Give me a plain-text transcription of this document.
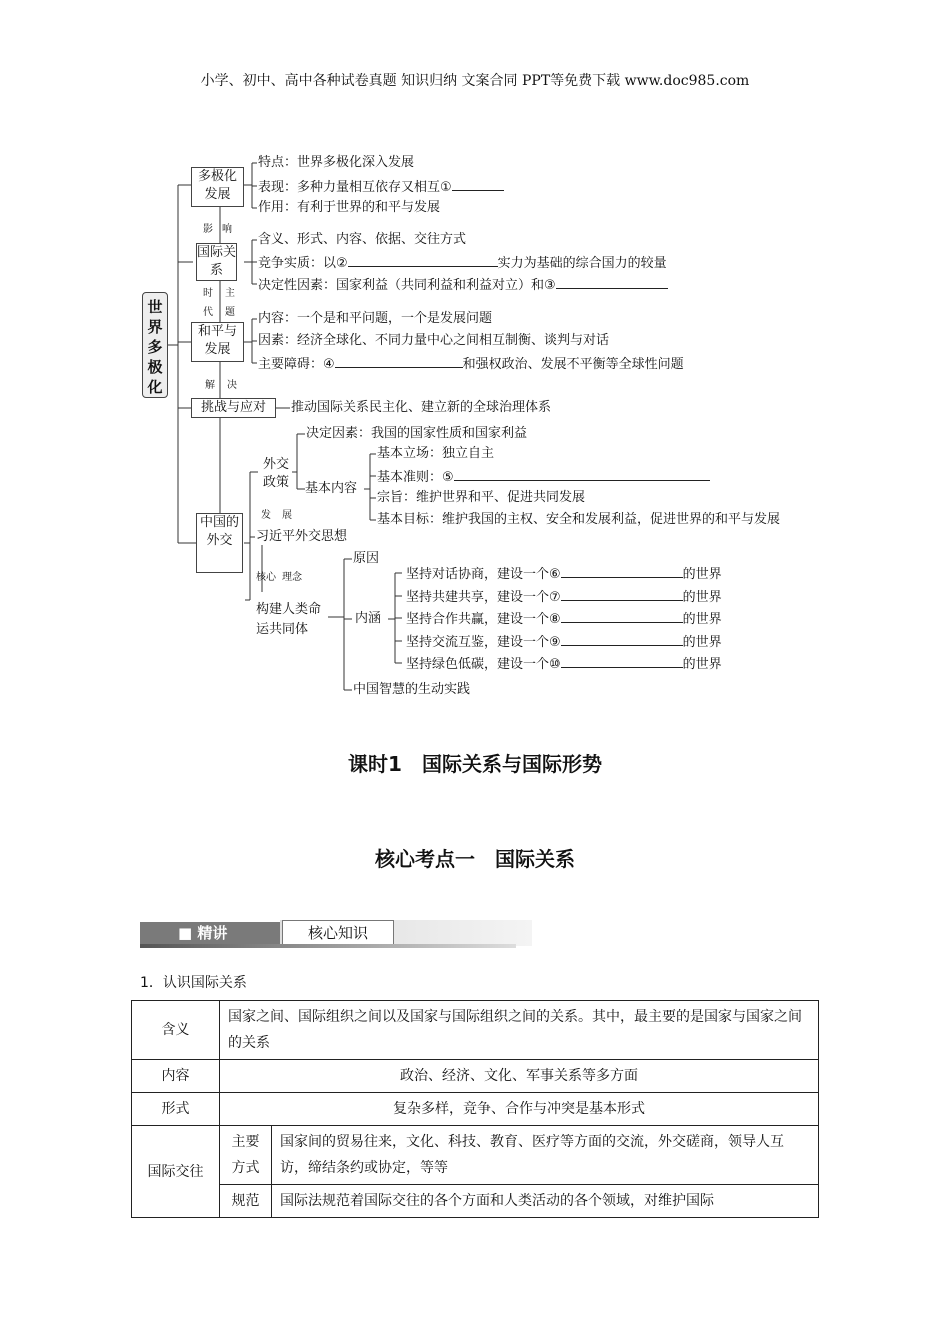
小学、初中、高中各种试卷真题 知识归纳 文案合同 PPT等免费下载 www.doc985.com
世界多极化
多极化发展
特点：世界多极化深入发展
表现：多种力量相互依存又相互①
作用：有利于世界的和平与发展
影 响
国际关系
含义、形式、内容、依据、交往方式
竞争实质：以②	实力为基础的综合国力的较量
决定性因素：国家利益（共同利益和利益对立）和③
时
代
主
题
和平与发展
内容：一个是和平问题，一个是发展问题
因素：经济全球化、不同力量中心之间相互制衡、谈判与对话
主要障碍：④	和强权政治、发展不平衡等全球性问题
解 决
挑战与应对	推动国际关系民主化、建立新的全球治理体系
中国的外交
外交政策
决定因素：我国的国家性质和国家利益
基本内容
基本立场：独立自主
基本准则：⑤
宗旨：维护世界和平、促进共同发展
基本目标：维护我国的主权、安全和发展利益，促进世界的和平与发展
发 展
习近平外交思想
核心 理念
构建人类命运共同体
原因
内涵
坚持对话协商，建设一个⑥	的世界
坚持共建共享，建设一个⑦	的世界
坚持合作共赢，建设一个⑧	的世界
坚持交流互鉴，建设一个⑨	的世界
坚持绿色低碳，建设一个⑩	的世界
中国智慧的生动实践
课时1　国际关系与国际形势
核心考点一　国际关系
■ 精讲	核心知识
1．认识国际关系
含义	国家之间、国际组织之间以及国家与国际组织之间的关系。其中，最主要的是国家与国家之间的关系	
内容	政治、经济、文化、军事关系等多方面	
形式	复杂多样，竞争、合作与冲突是基本形式	
国际交往	主要方式	国家间的贸易往来，文化、科技、教育、医疗等方面的交流，外交磋商，领导人互访，缔结条约或协定，等等
	规范	国际法规范着国际交往的各个方面和人类活动的各个领域，对维护国际
